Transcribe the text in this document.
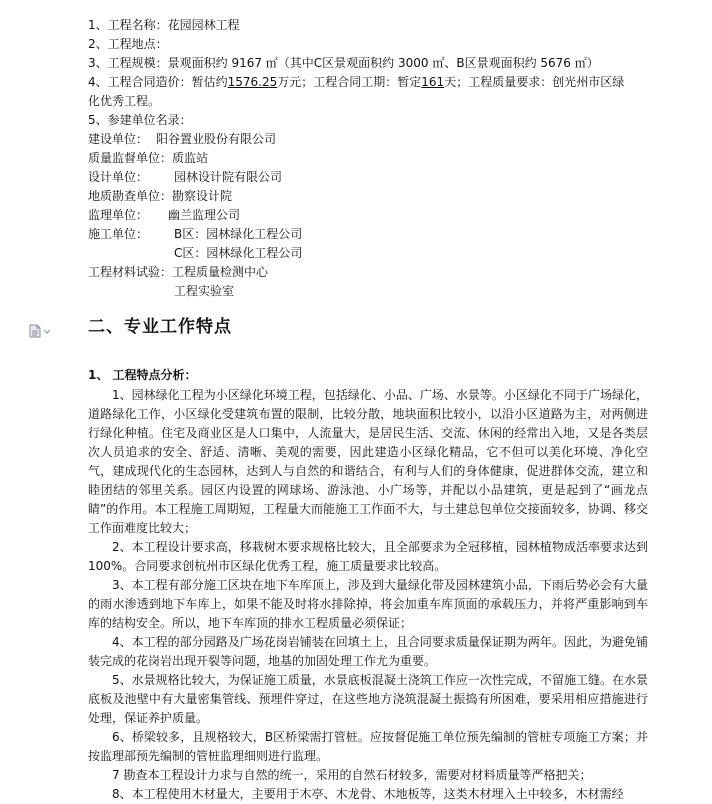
1、工程名称：花园园林工程
2、工程地点：
3、工程规模：景观面积约 9167 ㎡（其中C区景观面积约 3000 ㎡、B区景观面积约 5676 ㎡）
4、工程合同造价：暂估约1576.25万元；工程合同工期：暂定161天；工程质量要求：创光州市区绿
化优秀工程。
5、参建单位名录：
建设单位： 阳谷置业股份有限公司
质量监督单位：质监站
设计单位： 园林设计院有限公司
地质勘查单位：勘察设计院
监理单位： 幽兰监理公司
施工单位： B区：园林绿化工程公司
C区：园林绿化工程公司
工程材料试验：工程质量检测中心
工程实验室
二、专业工作特点
1、 工程特点分析：

1、园林绿化工程为小区绿化环境工程，包括绿化、小品、广场、水景等。小区绿化不同于广场绿化，道路绿化工作，小区绿化受建筑布置的限制，比较分散，地块面积比较小，以沿小区道路为主，对两侧进行绿化种植。住宅及商业区是人口集中，人流量大，是居民生活、交流、休闲的经常出入地，又是各类层次人员追求的安全、舒适、清晰、美观的需要，因此建造小区绿化精品，它不但可以美化环境、净化空气，建成现代化的生态园林，达到人与自然的和谐结合，有利与人们的身体健康，促进群体交流，建立和睦团结的邻里关系。园区内设置的网球场、游泳池、小广场等，并配以小品建筑，更是起到了“画龙点睛”的作用。本工程施工周期短，工程量大而能施工工作面不大，与土建总包单位交接面较多，协调、移交工作面难度比较大；

2、本工程设计要求高，移栽树木要求规格比较大，且全部要求为全冠移植，园林植物成活率要求达到100%。合同要求创杭州市区绿化优秀工程，施工质量要求比较高。

3、本工程有部分施工区块在地下车库顶上，涉及到大量绿化带及园林建筑小品，下雨后势必会有大量的雨水渗透到地下车库上，如果不能及时将水排除掉，将会加重车库顶面的承载压力，并将严重影响到车库的结构安全。所以，地下车库顶的排水工程质量必须保证；

4、本工程的部分园路及广场花岗岩铺装在回填土上，且合同要求质量保证期为两年。因此，为避免铺装完成的花岗岩出现开裂等问题，地基的加固处理工作尤为重要。

5、水景规格比较大，为保证施工质量，水景底板混凝土浇筑工作应一次性完成，不留施工缝。在水景底板及池壁中有大量密集管线、预埋件穿过，在这些地方浇筑混凝土振捣有所困难，要采用相应措施进行处理，保证养护质量。

6、桥梁较多，且规格较大，B区桥梁需打管桩。应按督促施工单位预先编制的管桩专项施工方案；并按监理部预先编制的管桩监理细则进行监理。

7 勘查本工程设计力求与自然的统一，采用的自然石材较多，需要对材料质量等严格把关；

8、本工程使用木材量大，主要用于木亭、木龙骨、木地板等，这类木材埋入土中较多，木材需经
